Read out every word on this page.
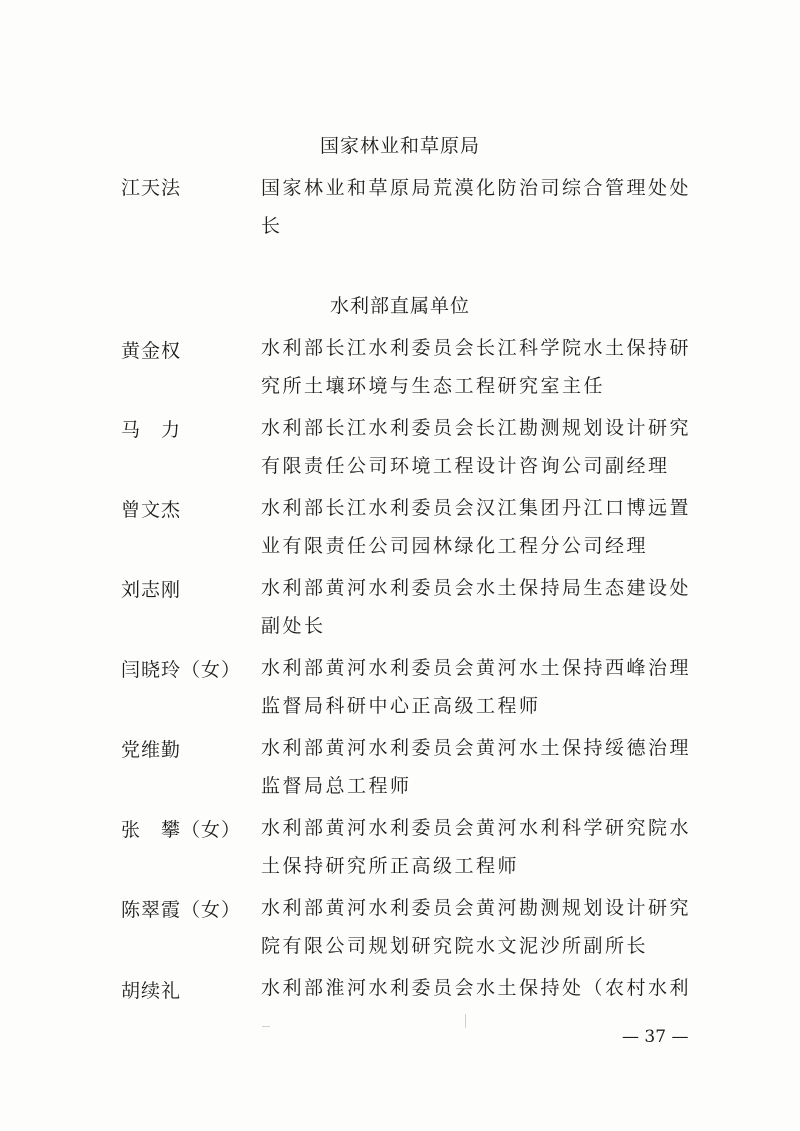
国家林业和草原局
江天法	国家林业和草原局荒漠化防治司综合管理处处
长
水利部直属单位
黄金权	水利部长江水利委员会长江科学院水土保持研
究所土壤环境与生态工程研究室主任
马　力	水利部长江水利委员会长江勘测规划设计研究
有限责任公司环境工程设计咨询公司副经理
曾文杰	水利部长江水利委员会汉江集团丹江口博远置
业有限责任公司园林绿化工程分公司经理
刘志刚	水利部黄河水利委员会水土保持局生态建设处
副处长
闫晓玲（女） 水利部黄河水利委员会黄河水土保持西峰治理
监督局科研中心正高级工程师
党维勤	水利部黄河水利委员会黄河水土保持绥德治理
监督局总工程师
张　攀（女） 水利部黄河水利委员会黄河水利科学研究院水
土保持研究所正高级工程师
陈翠霞（女） 水利部黄河水利委员会黄河勘测规划设计研究
院有限公司规划研究院水文泥沙所副所长
胡续礼	水利部淮河水利委员会水土保持处（农村水利
— 37 —
